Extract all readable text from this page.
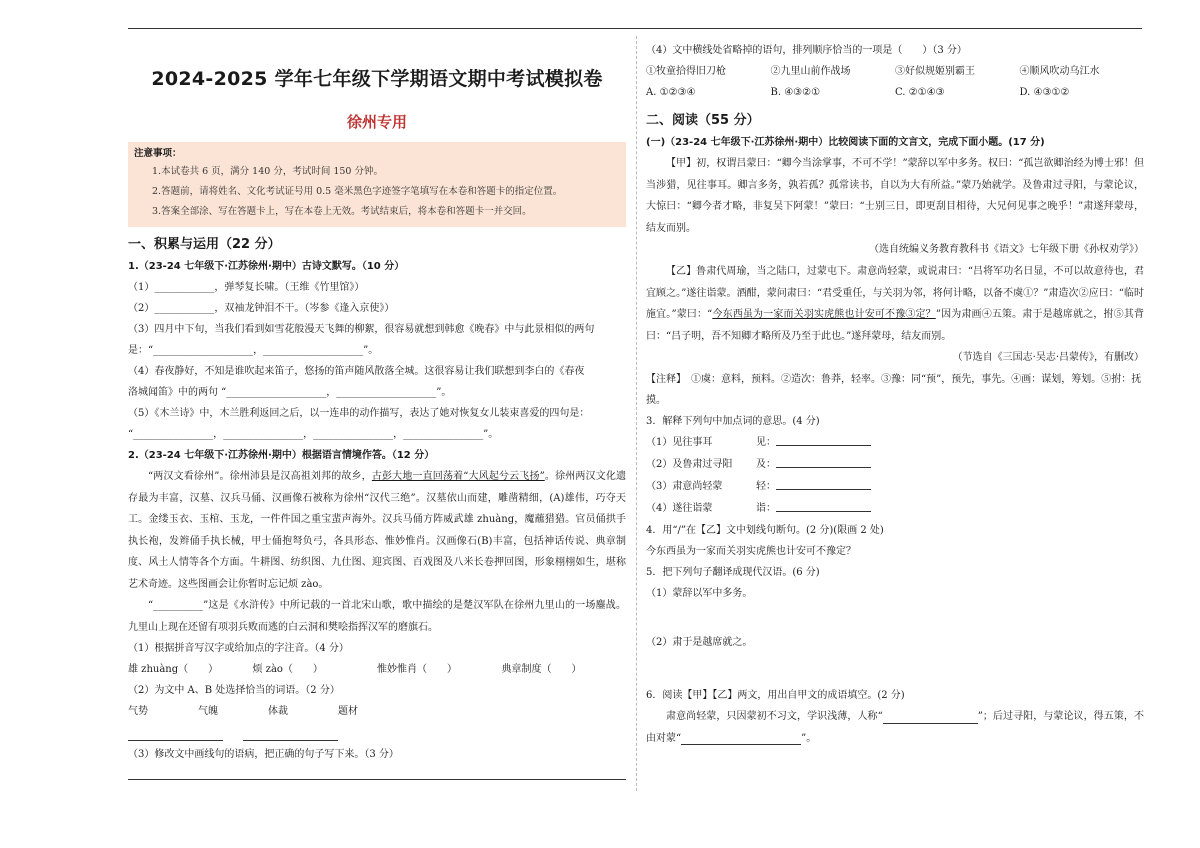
2024-2025 学年七年级下学期语文期中考试模拟卷
徐州专用
注意事项：
1.本试卷共 6 页，满分 140 分，考试时间 150 分钟。
2.答题前，请将姓名、文化考试证号用 0.5 毫米黑色字迹签字笔填写在本卷和答题卡的指定位置。
3.答案全部涂、写在答题卡上，写在本卷上无效。考试结束后，将本卷和答题卡一并交回。
一、积累与运用（22 分）
1.（23-24 七年级下·江苏徐州·期中）古诗文默写。（10 分）
（1）____________，弹琴复长啸。（王维《竹里馆》）
（2）____________，双袖龙钟泪不干。（岑参《逢入京使》）
（3）四月中下旬，当我们看到如雪花般漫天飞舞的柳絮，很容易就想到韩愈《晚春》中与此景相似的两句
是：“____________________，____________________”。
（4）春夜静好，不知是谁吹起来笛子，悠扬的笛声随风散落全城。这很容易让我们联想到李白的《春夜
洛城闻笛》中的两句 “____________________，____________________”。
（5）《木兰诗》中，木兰胜利返回之后，以一连串的动作描写，表达了她对恢复女儿装束喜爱的四句是：
“________________，________________，________________，________________”。
2.（23-24 七年级下·江苏徐州·期中）根据语言情境作答。（12 分）
“两汉文看徐州”。徐州沛县是汉高祖刘邦的故乡，古彭大地一直回荡着“大风起兮云飞扬”。徐州两汉文化遗存最为丰富，汉墓、汉兵马俑、汉画像石被称为徐州“汉代三绝”。汉墓依山而建，雕凿精细，(A)雄伟，巧夺天工。金缕玉衣、玉棺、玉龙，一件件国之重宝蜚声海外。汉兵马俑方阵威武雄 zhuàng，魔蘸猎猎。官员俑拱手执长袍，发辫俑手执长械，甲士俑抱弩负弓，各具形态、惟妙惟肖。汉画像石(B)丰富，包括神话传说、典章制度、风土人情等各个方面。牛耕图、纺织图、九仕图、迎宾图、百戏图及八米长卷押回图，形象栩栩如生，堪称艺术奇迹。这些图画会让你暂时忘记烦 zào。
“__________”这是《水浒传》中所记载的一首北宋山歌，歌中描绘的是楚汉军队在徐州九里山的一场鏖战。九里山上现在还留有项羽兵败而逃的白云洞和樊哙指挥汉军的磨旗石。
（1）根据拼音写汉字或给加点的字注音。（4 分）
雄 zhuàng（　　）	烦 zào（　　）	惟妙惟肖（　　）	典章制度（　　）
（2）为文中 A、B 处选择恰当的词语。（2 分）
气势	气魄	体裁	题材

（3）修改文中画线句的语病，把正确的句子写下来。（3 分）
（4）文中横线处省略掉的语句，排列顺序恰当的一项是（　　）（3 分）
①牧童拾得旧刀枪	②九里山前作战场	③好似规姬别霸王	④顺风吹动乌江水
A. ①②③④	B. ④③②①	C. ②①④③	D. ④③①②
二、阅读（55 分）
(一)（23-24 七年级下·江苏徐州·期中）比较阅读下面的文言文，完成下面小题。(17 分)
【甲】初，权谓吕蒙曰：“卿今当涂掌事，不可不学！”蒙辞以军中多务。权曰：“孤岂欲卿治经为博士邪！但当涉猎，见往事耳。卿言多务，孰若孤？孤常读书，自以为大有所益。”蒙乃始就学。及鲁肃过寻阳，与蒙论议，大惊曰：“卿今者才略，非复吴下阿蒙！”蒙曰：“士别三日，即更刮目相待，大兄何见事之晚乎！”肃遂拜蒙母，结友而别。
（选自统编义务教育教科书《语文》七年级下册《孙权劝学》）
【乙】鲁肃代周瑜，当之陆口，过蒙屯下。肃意尚轻蒙，或说肃曰：“吕将军功名日显，不可以故意待也，君宜顾之。”遂往诣蒙。酒酣，蒙问肃曰：“君受重任，与关羽为邻，将何计略，以备不虞①？”肃造次②应曰：“临时施宜。”蒙曰：“今东西虽为一家而关羽实虎熊也计安可不豫③定？”因为肃画④五策。肃于是越席就之，拊⑤其背曰：“吕子明，吾不知卿才略所及乃至于此也。”遂拜蒙母，结友而别。
（节选自《三国志·吴志·吕蒙传》，有删改）
【注释】　①虞：意料，预料。②造次：鲁莽，轻率。③豫：同“预”，预先，事先。④画：谋划，筹划。⑤拊：抚摸。
3．解释下列句中加点词的意思。(4 分)
（1）见往事耳	见：
（2）及鲁肃过寻阳	及：
（3）肃意尚轻蒙	轻：
（4）遂往诣蒙	诣：
4．用“/”在【乙】文中划线句断句。(2 分)(限画 2 处)
今东西虽为一家而关羽实虎熊也计安可不豫定？
5．把下列句子翻译成现代汉语。(6 分)
（1）蒙辞以军中多务。
（2）肃于是越席就之。
6．阅读【甲】【乙】两文，用出自甲文的成语填空。(2 分)
肃意尚轻蒙，只因蒙初不习文，学识浅薄，人称“	”；后过寻阳，与蒙论议，得五策，不由对蒙“	”。
